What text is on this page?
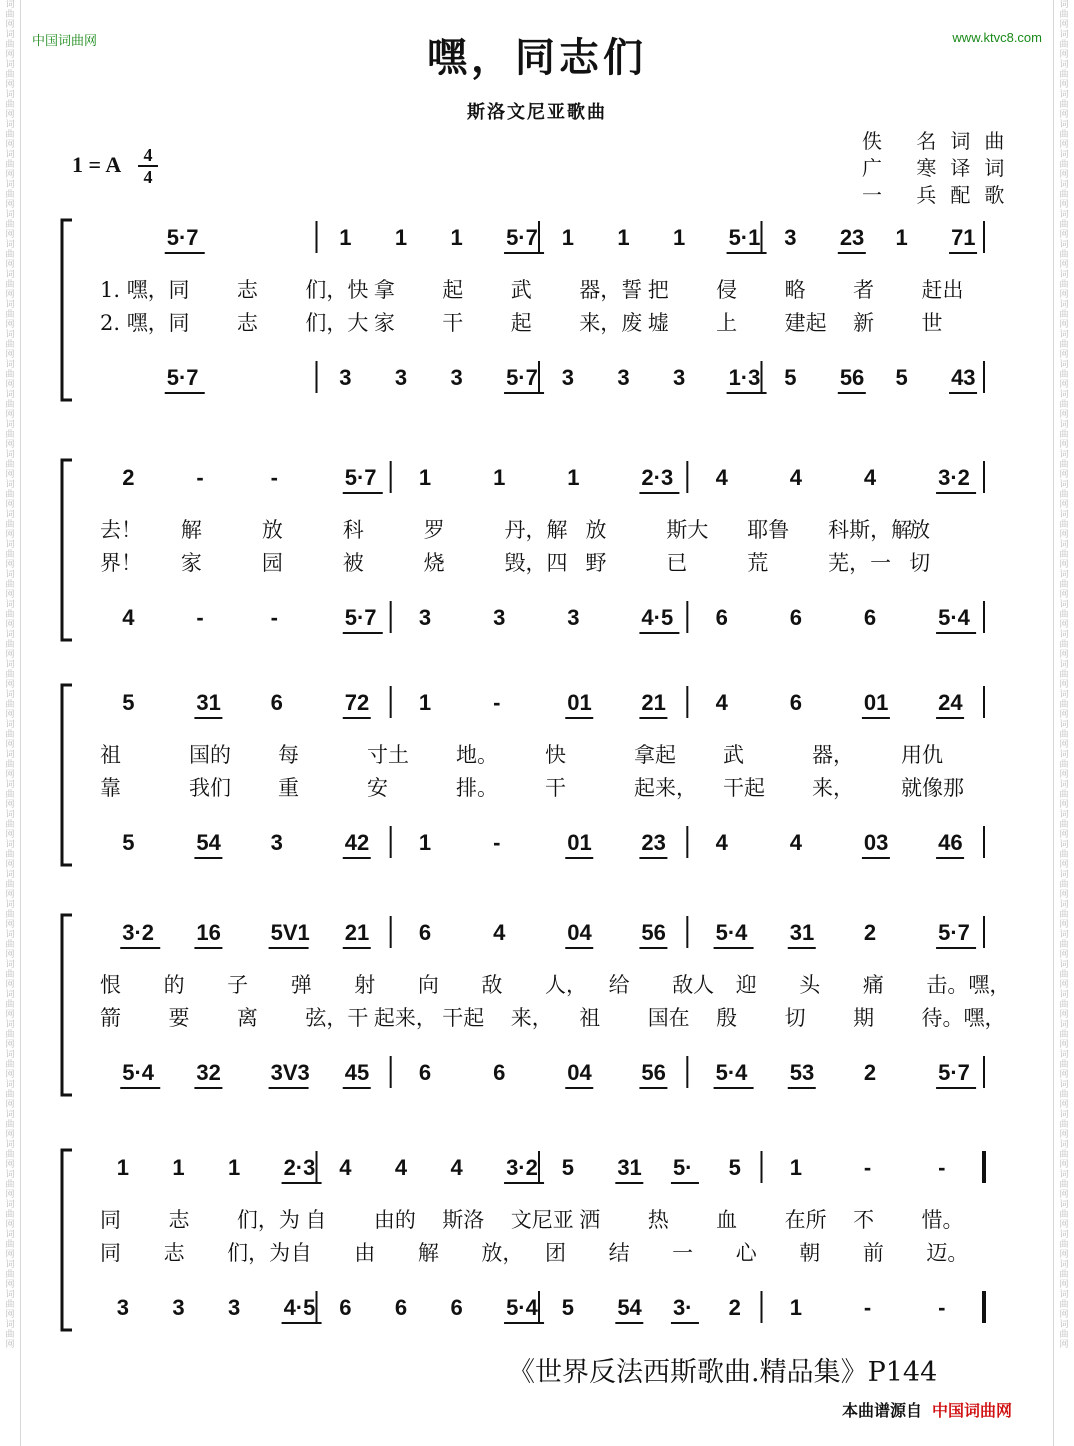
词曲网词曲网词曲网词曲网词曲网词曲网词曲网词曲网词曲网词曲网词曲网词曲网词曲网词曲网词曲网词曲网词曲网词曲网词曲网词曲网词曲网词曲网词曲网词曲网词曲网词曲网词曲网词曲网词曲网词曲网词曲网词曲网词曲网词曲网词曲网词曲网词曲网词曲网词曲网词曲网词曲网词曲网词曲网词曲网词曲网
词曲网词曲网词曲网词曲网词曲网词曲网词曲网词曲网词曲网词曲网词曲网词曲网词曲网词曲网词曲网词曲网词曲网词曲网词曲网词曲网词曲网词曲网词曲网词曲网词曲网词曲网词曲网词曲网词曲网词曲网词曲网词曲网词曲网词曲网词曲网词曲网词曲网词曲网词曲网词曲网词曲网词曲网词曲网词曲网词曲网
中国词曲网	www.ktvc8.com
嘿，同志们
斯洛文尼亚歌曲
1 = A	4
4
佚 名词曲
广 寒译词
一 兵配歌
5·7	1 1 1 5·7 1 1 1 5·1 3 23 1 71
5·7	3 3 3 5·7 3 3 3 1·3 5 56 5 43
1. 嘿， 同 志 们，快 拿 起 武 器，誓 把 侵 略 者 赶出
2. 嘿， 同 志 们，大 家 干 起 来，废 墟 上 建起 新 世
2	-	-	5·7 1	1	1	2·3 4	4	4	3·2
4	-	-	5·7 3	3	3	4·5 6	6	6	5·4
去！ 解	放	科	罗	丹，解 放	斯大 耶鲁 科斯，解
放
界！ 家	园	被	烧	毁，四 野	已	荒	芜，一 切
5	31 6	72 1	-	01 21 4	6	01 24
5	54 3	42 1	-	01 23 4	4	03 46
祖	国的 每	寸土 地。 快	拿起 武	器， 用仇
靠	我们 重	安	排。 干	起来， 干起 来， 就像那
3·2 16 5V1 21 6	4	04 56 5·4 31 2	5·7
5·4 32 3V3 45 6	6	04 56 5·4 53 2	5·7
恨 的 子 弹 射 向 敌 人， 给 敌人 迎 头 痛 击。嘿，
箭 要 离 弦，干 起来， 干起 来， 祖 国在 殷 切 期 待。嘿，
1 1 1 2·3 4 4 4 3·2 5 31 5· 5 1	-	-
3 3 3 4·5 6 6 6 5·4 5 54 3· 2 1	-	-
同 志 们，为 自 由的 斯洛 文尼亚 洒 热 血 在所 不 惜。
同 志 们，为 自 由 解 放， 团 结 一 心 朝 前 迈。
《世界反法西斯歌曲.精品集》P144
本曲谱源自 中国词曲网
